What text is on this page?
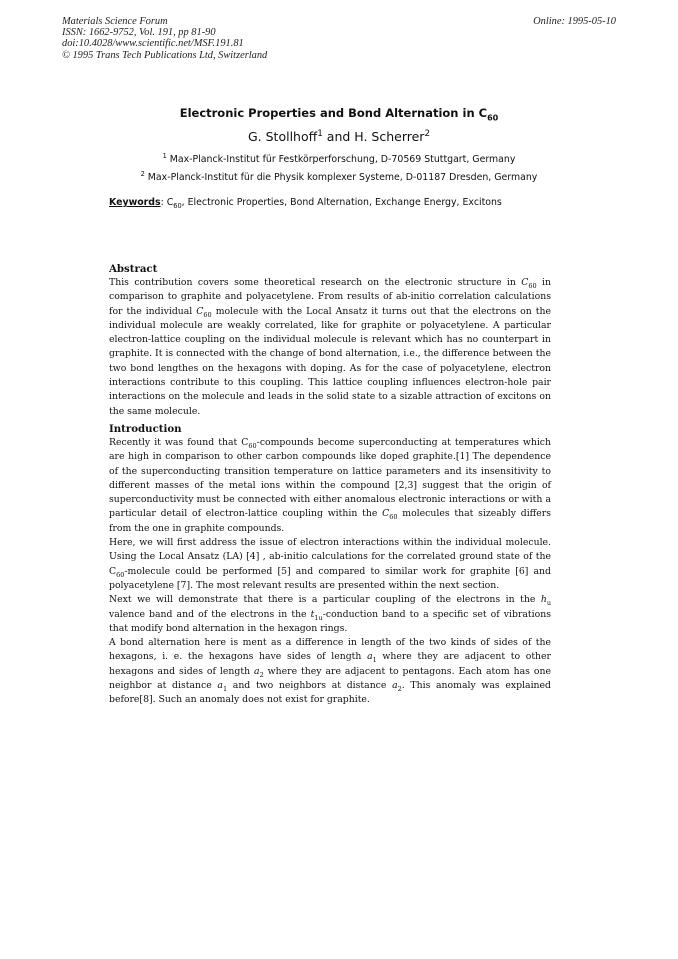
Materials Science Forum
ISSN: 1662-9752, Vol. 191, pp 81-90
doi:10.4028/www.scientific.net/MSF.191.81
© 1995 Trans Tech Publications Ltd, Switzerland
Online: 1995-05-10
Electronic Properties and Bond Alternation in $C_{60}$
G. Stollhoff$^1$ and H. Scherrer$^2$
$^1$ Max-Planck-Institut für Festkörperforschung, D-70569 Stuttgart, Germany
$^2$ Max-Planck-Institut für die Physik komplexer Systeme, D-01187 Dresden, Germany
Keywords: $C_{60}$, Electronic Properties, Bond Alternation, Exchange Energy, Excitons
Abstract

This contribution covers some theoretical research on the electronic structure in $C_{60}$ in comparison to graphite and polyacetylene. From results of ab-initio correlation calculations for the individual $C_{60}$ molecule with the Local Ansatz it turns out that the electrons on the individual molecule are weakly correlated, like for graphite or polyacetylene. A particular electron-lattice coupling on the individual molecule is relevant which has no counterpart in graphite. It is connected with the change of bond alternation, i.e., the difference between the two bond lengthes on the hexagons with doping. As for the case of polyacetylene, electron interactions contribute to this coupling. This lattice coupling influences electron-hole pair interactions on the molecule and leads in the solid state to a sizable attraction of excitons on the same molecule.

Introduction

Recently it was found that $C_{60}$-compounds become superconducting at temperatures which are high in comparison to other carbon compounds like doped graphite.[1] The dependence of the superconducting transition temperature on lattice parameters and its insensitivity to different masses of the metal ions within the compound [2,3] suggest that the origin of superconductivity must be connected with either anomalous electronic interactions or with a particular detail of electron-lattice coupling within the $C_{60}$ molecules that sizeably differs from the one in graphite compounds.

Here, we will first address the issue of electron interactions within the individual molecule. Using the Local Ansatz (LA) [4] , ab-initio calculations for the correlated ground state of the $C_{60}$-molecule could be performed [5] and compared to similar work for graphite [6] and polyacetylene [7]. The most relevant results are presented within the next section.

Next we will demonstrate that there is a particular coupling of the electrons in the $h_u$ valence band and of the electrons in the $t_{1u}$-conduction band to a specific set of vibrations that modify bond alternation in the hexagon rings.

A bond alternation here is ment as a difference in length of the two kinds of sides of the hexagons, i. e. the hexagons have sides of length $a_1$ where they are adjacent to other hexagons and sides of length $a_2$ where they are adjacent to pentagons. Each atom has one neighbor at distance $a_1$ and two neighbors at distance $a_2$. This anomaly was explained before[8]. Such an anomaly does not exist for graphite.
